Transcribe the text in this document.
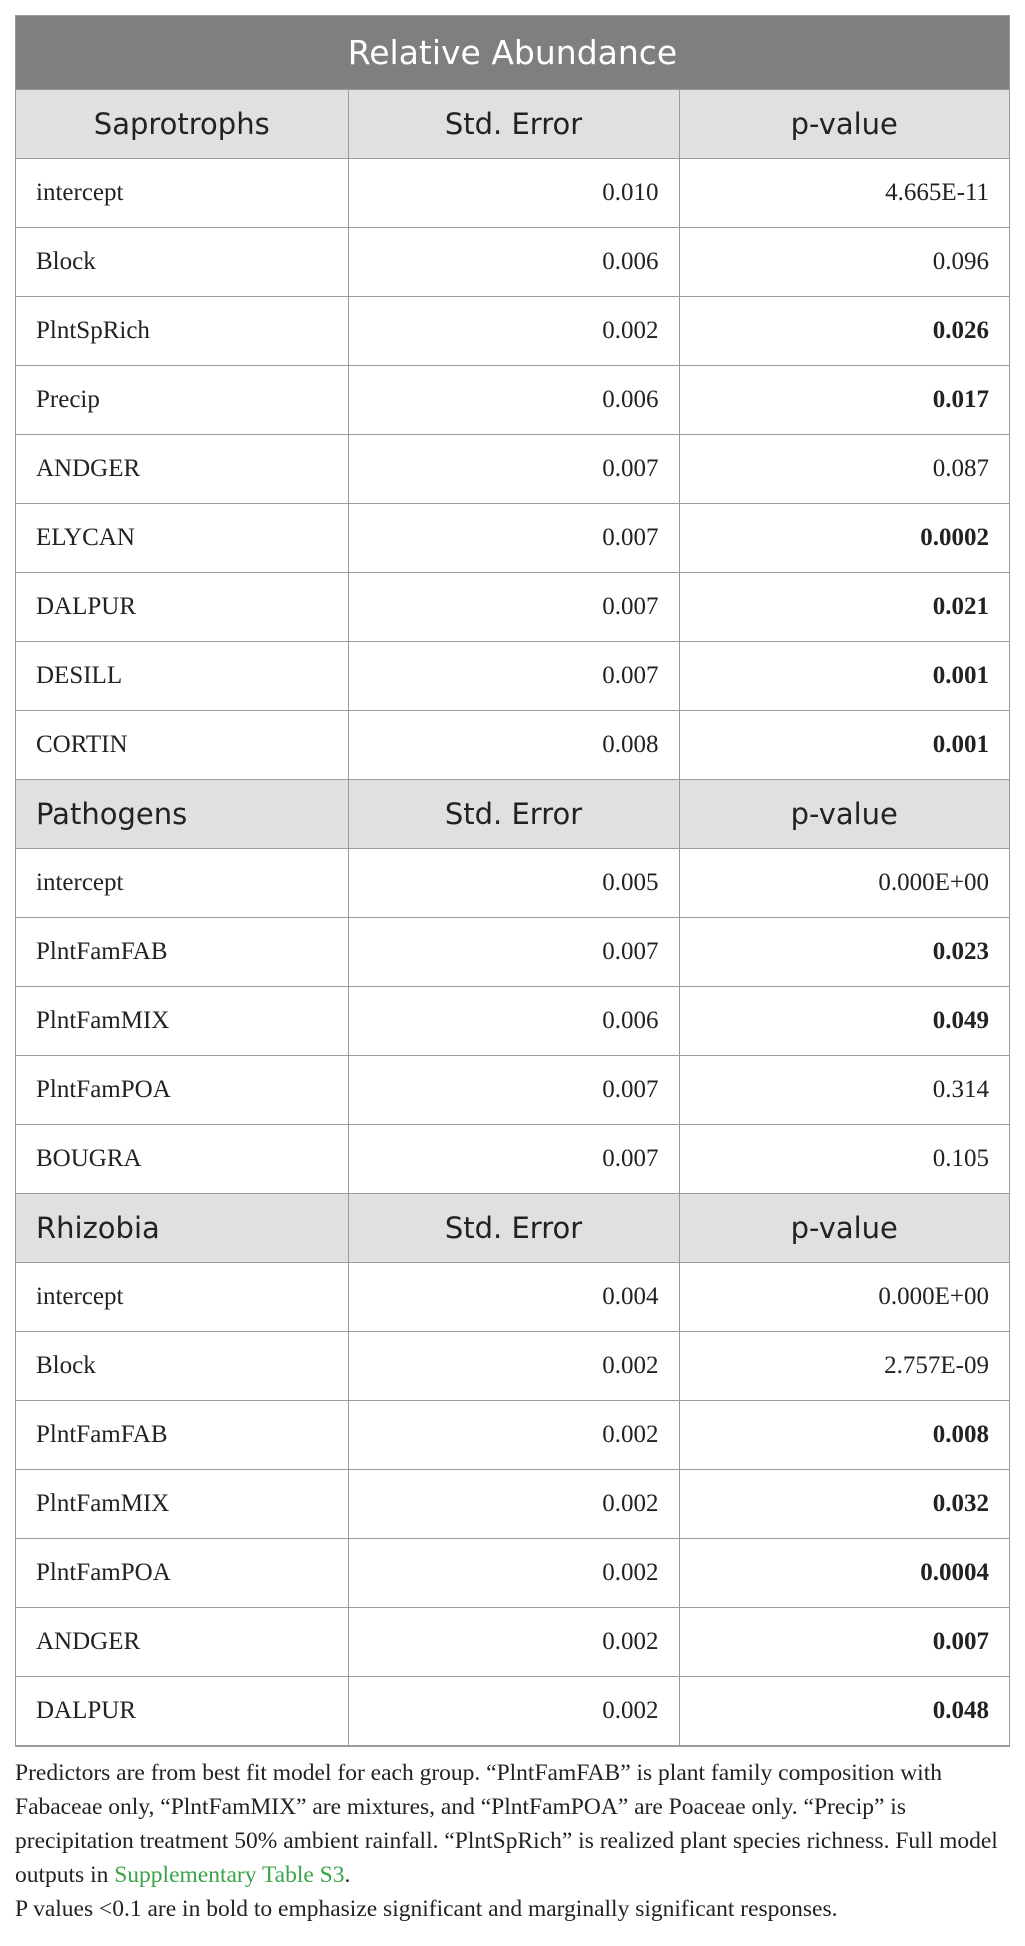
Relative Abundance		
Saprotrophs	Std. Error	p-value
intercept	0.010	4.665E-11
Block	0.006	0.096
PlntSpRich	0.002	0.026
Precip	0.006	0.017
ANDGER	0.007	0.087
ELYCAN	0.007	0.0002
DALPUR	0.007	0.021
DESILL	0.007	0.001
CORTIN	0.008	0.001
Pathogens	Std. Error	p-value
intercept	0.005	0.000E+00
PlntFamFAB	0.007	0.023
PlntFamMIX	0.006	0.049
PlntFamPOA	0.007	0.314
BOUGRA	0.007	0.105
Rhizobia	Std. Error	p-value
intercept	0.004	0.000E+00
Block	0.002	2.757E-09
PlntFamFAB	0.002	0.008
PlntFamMIX	0.002	0.032
PlntFamPOA	0.002	0.0004
ANDGER	0.002	0.007
DALPUR	0.002	0.048

Predictors are from best fit model for each group. “PlntFamFAB” is plant family composition with Fabaceae only, “PlntFamMIX” are mixtures, and “PlntFamPOA” are Poaceae only. “Precip” is precipitation treatment 50% ambient rainfall. “PlntSpRich” is realized plant species richness. Full model outputs in Supplementary Table S3.

P values <0.1 are in bold to emphasize significant and marginally significant responses.
